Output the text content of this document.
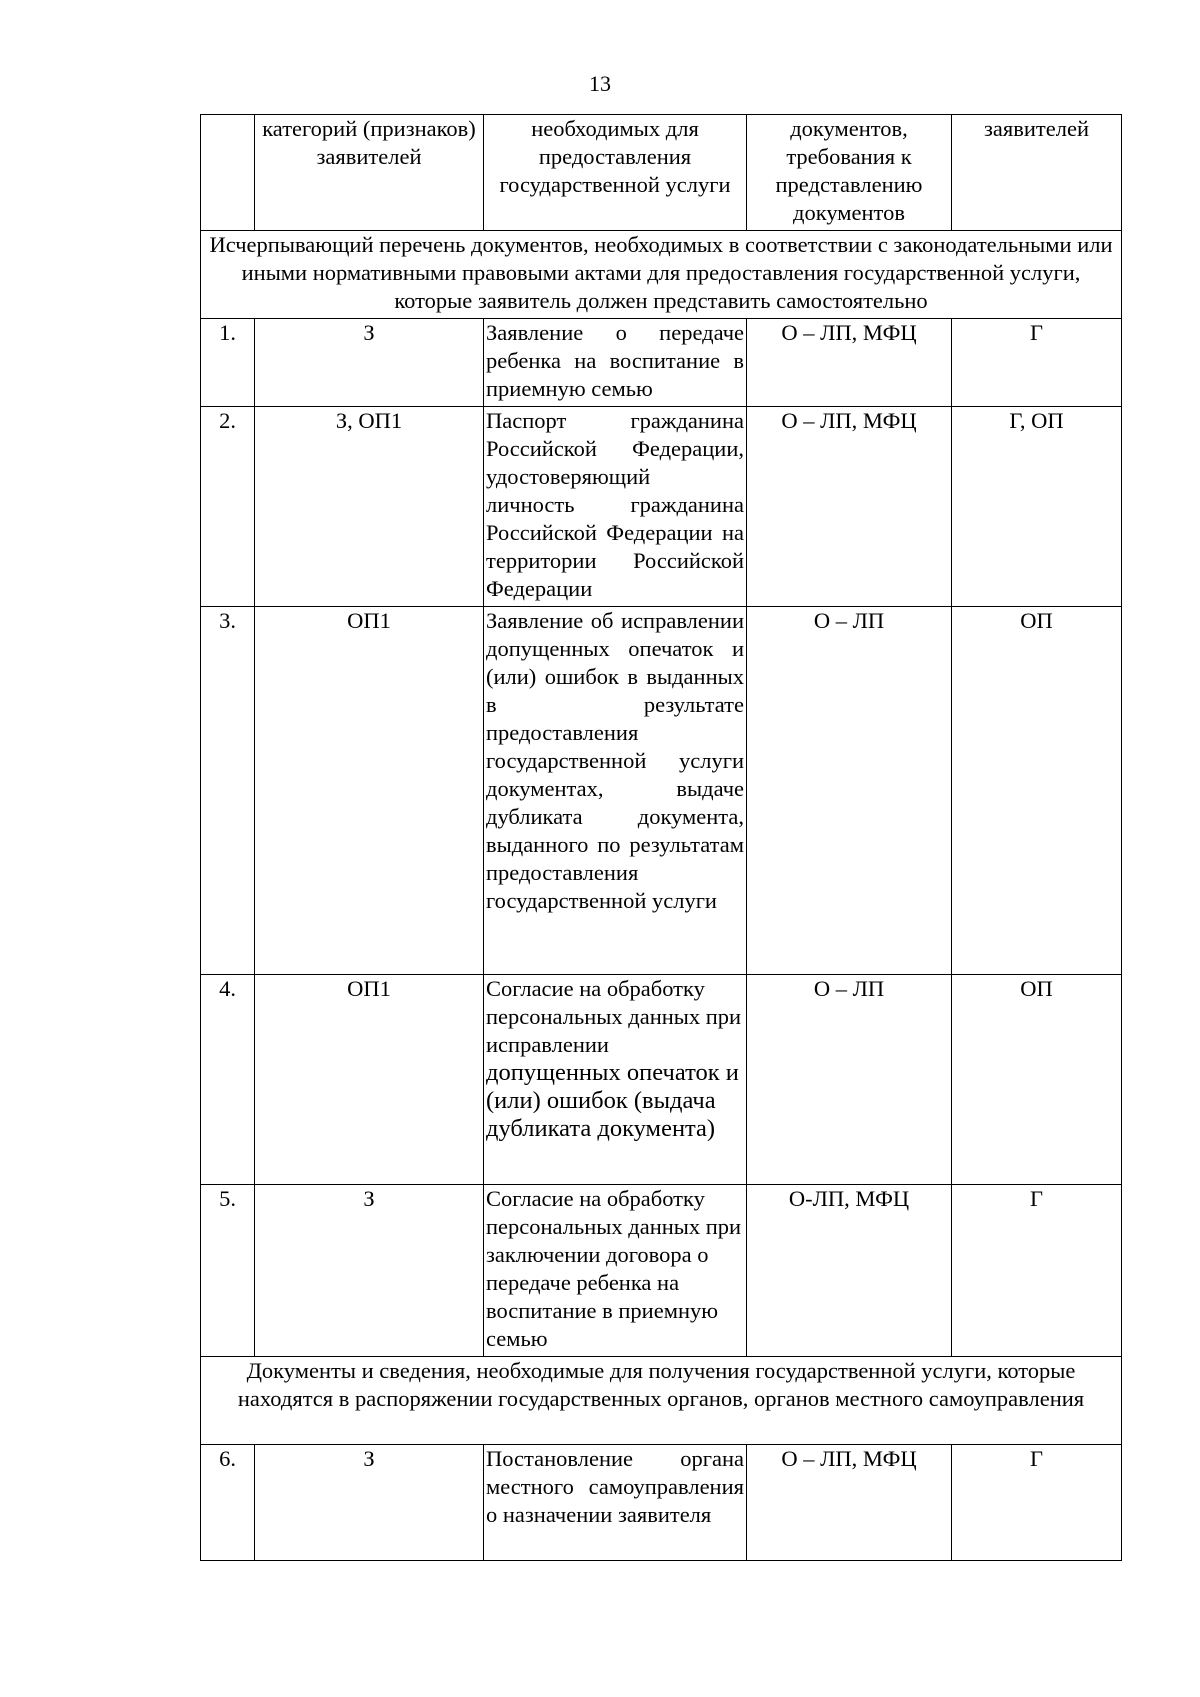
13
	категорий (признаков) заявителей	необходимых для предоставления государственной услуги	документов, требования к представлению документов	заявителей
Исчерпывающий перечень документов, необходимых в соответствии с законодательными или иными нормативными правовыми актами для предоставления государственной услуги, которые заявитель должен представить самостоятельно				
1.	З	Заявление о передаче ребенка на воспитание в приемную семью	О – ЛП, МФЦ	Г
2.	З, ОП1	Паспорт гражданина Российской Федерации, удостоверяющий личность гражданина Российской Федерации на территории Российской Федерации	О – ЛП, МФЦ	Г, ОП
3.	ОП1	Заявление об исправлении допущенных опечаток и (или) ошибок в выданных в результате предоставления государственной услуги документах, выдаче дубликата документа, выданного по результатам предоставления государственной услуги	О – ЛП	ОП
4.	ОП1	Согласие на обработку персональных данных при исправлении допущенных опечаток и (или) ошибок (выдача дубликата документа)	О – ЛП	ОП
5.	З	Согласие на обработку персональных данных при заключении договора о передаче ребенка на воспитание в приемную семью	О-ЛП, МФЦ	Г
Документы и сведения, необходимые для получения государственной услуги, которые находятся в распоряжении государственных органов, органов местного самоуправления				
6.	З	Постановление органа местного самоуправления о назначении заявителя	О – ЛП, МФЦ	Г
